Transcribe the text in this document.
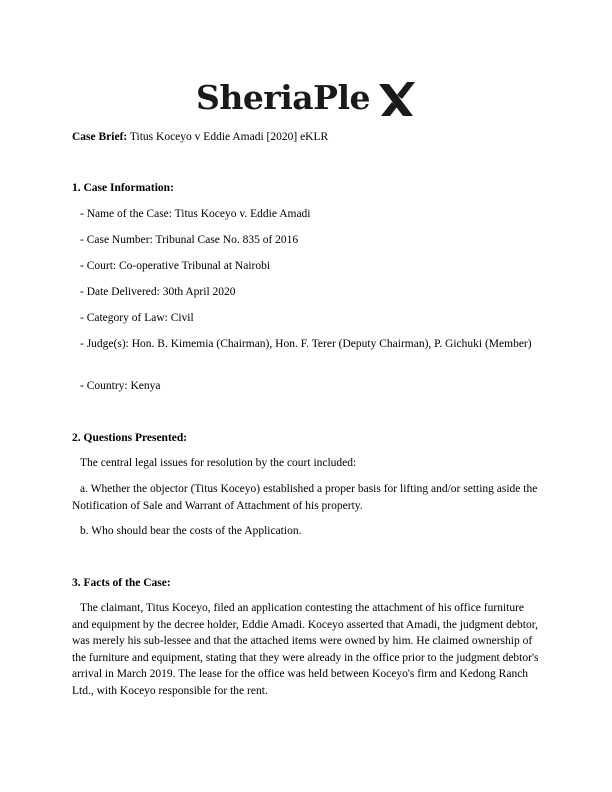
SheriaPle

Case Brief: Titus Koceyo v Eddie Amadi [2020] eKLR

1. Case Information:

- Name of the Case: Titus Koceyo v. Eddie Amadi

- Case Number: Tribunal Case No. 835 of 2016

- Court: Co-operative Tribunal at Nairobi

- Date Delivered: 30th April 2020

- Category of Law: Civil

- Judge(s): Hon. B. Kimemia (Chairman), Hon. F. Terer (Deputy Chairman), P. Gichuki (Member)

- Country: Kenya

2. Questions Presented:

The central legal issues for resolution by the court included:

a. Whether the objector (Titus Koceyo) established a proper basis for lifting and/or setting aside the Notification of Sale and Warrant of Attachment of his property.

b. Who should bear the costs of the Application.

3. Facts of the Case:

The claimant, Titus Koceyo, filed an application contesting the attachment of his office furniture and equipment by the decree holder, Eddie Amadi. Koceyo asserted that Amadi, the judgment debtor, was merely his sub-lessee and that the attached items were owned by him. He claimed ownership of the furniture and equipment, stating that they were already in the office prior to the judgment debtor's arrival in March 2019. The lease for the office was held between Koceyo's firm and Kedong Ranch Ltd., with Koceyo responsible for the rent.
